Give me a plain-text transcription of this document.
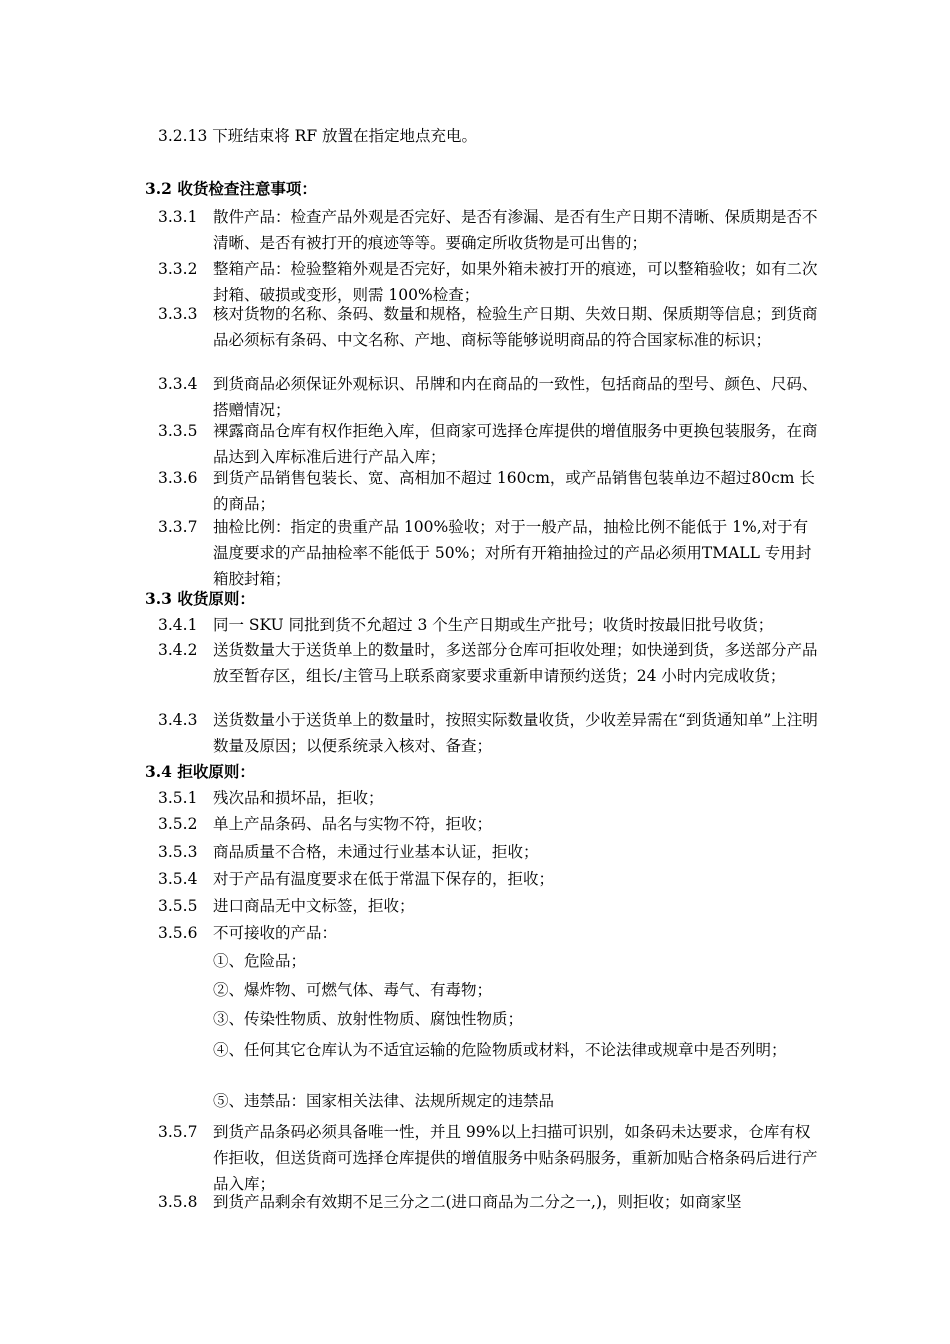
3.2.13 下班结束将 RF 放置在指定地点充电。
3.2 收货检查注意事项：
3.3.1 散件产品：检查产品外观是否完好、是否有渗漏、是否有生产日期不清晰、保质期是否不清晰、是否有被打开的痕迹等等。要确定所收货物是可出售的；
3.3.2 整箱产品：检验整箱外观是否完好，如果外箱未被打开的痕迹，可以整箱验收；如有二次封箱、破损或变形，则需 100%检查；
3.3.3 核对货物的名称、条码、数量和规格，检验生产日期、失效日期、保质期等信息；到货商品必须标有条码、中文名称、产地、商标等能够说明商品的符合国家标准的标识；
3.3.4 到货商品必须保证外观标识、吊牌和内在商品的一致性，包括商品的型号、颜色、尺码、搭赠情况；
3.3.5 裸露商品仓库有权作拒绝入库，但商家可选择仓库提供的增值服务中更换包装服务，在商品达到入库标准后进行产品入库；
3.3.6 到货产品销售包装长、宽、高相加不超过 160cm，或产品销售包装单边不超过80cm 长的商品；
3.3.7 抽检比例：指定的贵重产品 100%验收；对于一般产品，抽检比例不能低于 1%,对于有温度要求的产品抽检率不能低于 50%；对所有开箱抽捡过的产品必须用TMALL 专用封箱胶封箱；
3.3 收货原则：
3.4.1 同一 SKU 同批到货不允超过 3 个生产日期或生产批号；收货时按最旧批号收货；
3.4.2 送货数量大于送货单上的数量时，多送部分仓库可拒收处理；如快递到货，多送部分产品放至暂存区，组长/主管马上联系商家要求重新申请预约送货；24 小时内完成收货；
3.4.3 送货数量小于送货单上的数量时，按照实际数量收货，少收差异需在“到货通知单”上注明数量及原因；以便系统录入核对、备查；
3.4 拒收原则：
3.5.1 残次品和损坏品，拒收；
3.5.2 单上产品条码、品名与实物不符，拒收；
3.5.3 商品质量不合格，未通过行业基本认证，拒收；
3.5.4 对于产品有温度要求在低于常温下保存的，拒收；
3.5.5 进口商品无中文标签，拒收；
3.5.6 不可接收的产品：
①、危险品；
②、爆炸物、可燃气体、毒气、有毒物；
③、传染性物质、放射性物质、腐蚀性物质；
④、任何其它仓库认为不适宜运输的危险物质或材料，不论法律或规章中是否列明；
⑤、违禁品：国家相关法律、法规所规定的违禁品
3.5.7 到货产品条码必须具备唯一性，并且 99%以上扫描可识别，如条码未达要求，仓库有权作拒收，但送货商可选择仓库提供的增值服务中贴条码服务，重新加贴合格条码后进行产品入库；
3.5.8 到货产品剩余有效期不足三分之二(进口商品为二分之一,)，则拒收；如商家坚
